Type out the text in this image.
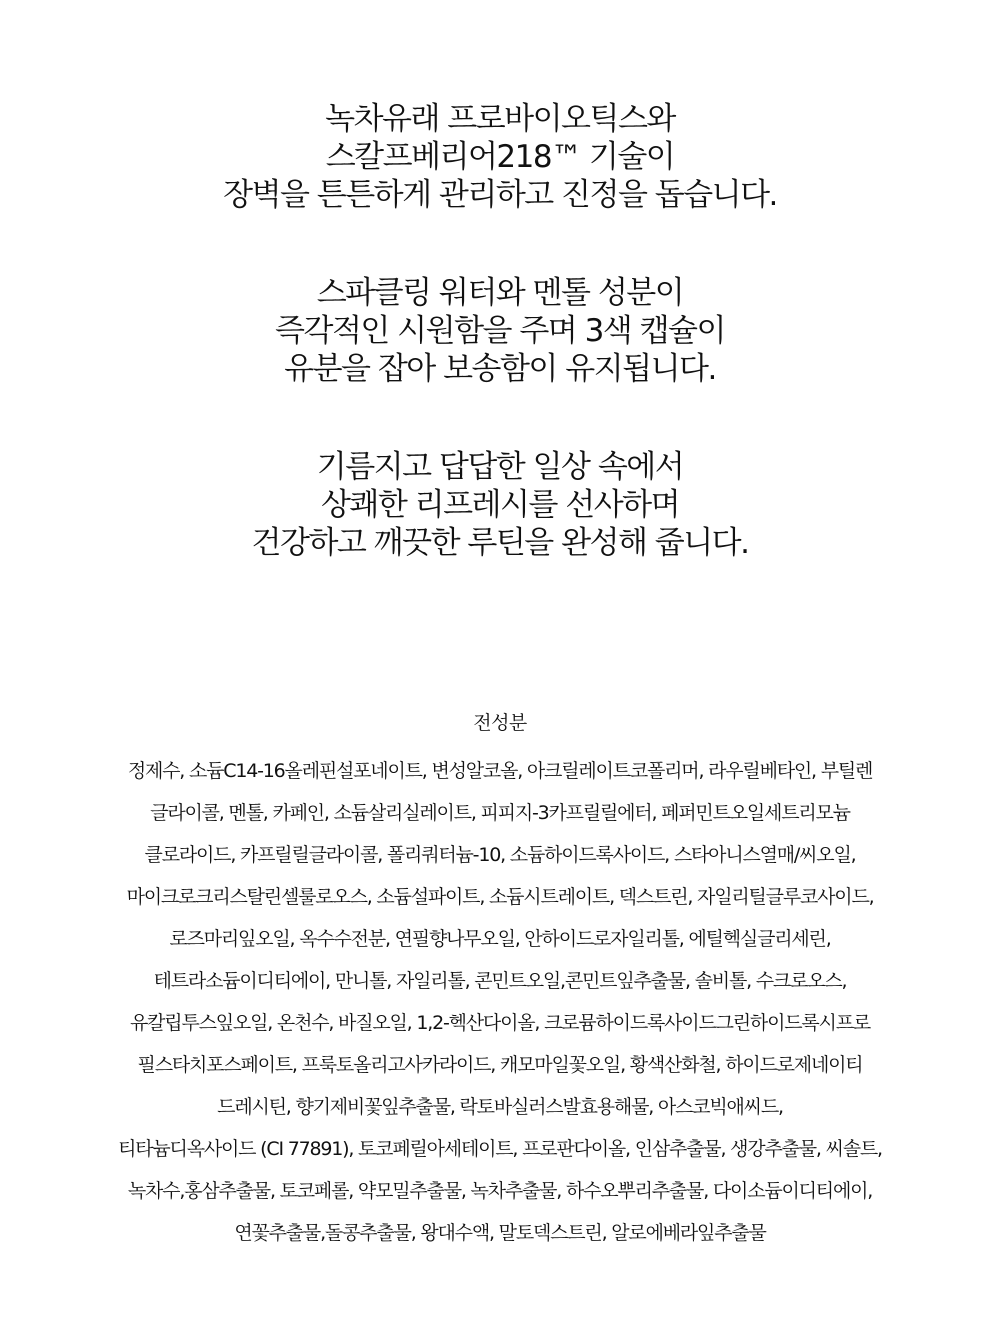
녹차유래 프로바이오틱스와
스칼프베리어218™ 기술이
장벽을 튼튼하게 관리하고 진정을 돕습니다.
스파클링 워터와 멘톨 성분이
즉각적인 시원함을 주며 3색 캡슐이
유분을 잡아 보송함이 유지됩니다.
기름지고 답답한 일상 속에서
상쾌한 리프레시를 선사하며
건강하고 깨끗한 루틴을 완성해 줍니다.
전성분
정제수, 소듐C14-16올레핀설포네이트, 변성알코올, 아크릴레이트코폴리머, 라우릴베타인, 부틸렌
글라이콜, 멘톨, 카페인, 소듐살리실레이트, 피피지-3카프릴릴에터, 페퍼민트오일세트리모늄
클로라이드, 카프릴릴글라이콜, 폴리쿼터늄-10, 소듐하이드록사이드, 스타아니스열매/씨오일,
마이크로크리스탈린셀룰로오스, 소듐설파이트, 소듐시트레이트, 덱스트린, 자일리틸글루코사이드,
로즈마리잎오일, 옥수수전분, 연필향나무오일, 안하이드로자일리톨, 에틸헥실글리세린,
테트라소듐이디티에이, 만니톨, 자일리톨, 콘민트오일,콘민트잎추출물, 솔비톨, 수크로오스,
유칼립투스잎오일, 온천수, 바질오일, 1,2-헥산다이올, 크로뮴하이드록사이드그린하이드록시프로
필스타치포스페이트, 프룩토올리고사카라이드, 캐모마일꽃오일, 황색산화철, 하이드로제네이티
드레시틴, 향기제비꽃잎추출물, 락토바실러스발효용해물, 아스코빅애씨드,
티타늄디옥사이드 (CI 77891), 토코페릴아세테이트, 프로판다이올, 인삼추출물, 생강추출물, 씨솔트,
녹차수,홍삼추출물, 토코페롤, 약모밀추출물, 녹차추출물, 하수오뿌리추출물, 다이소듐이디티에이,
연꽃추출물,돌콩추출물, 왕대수액, 말토덱스트린, 알로에베라잎추출물
